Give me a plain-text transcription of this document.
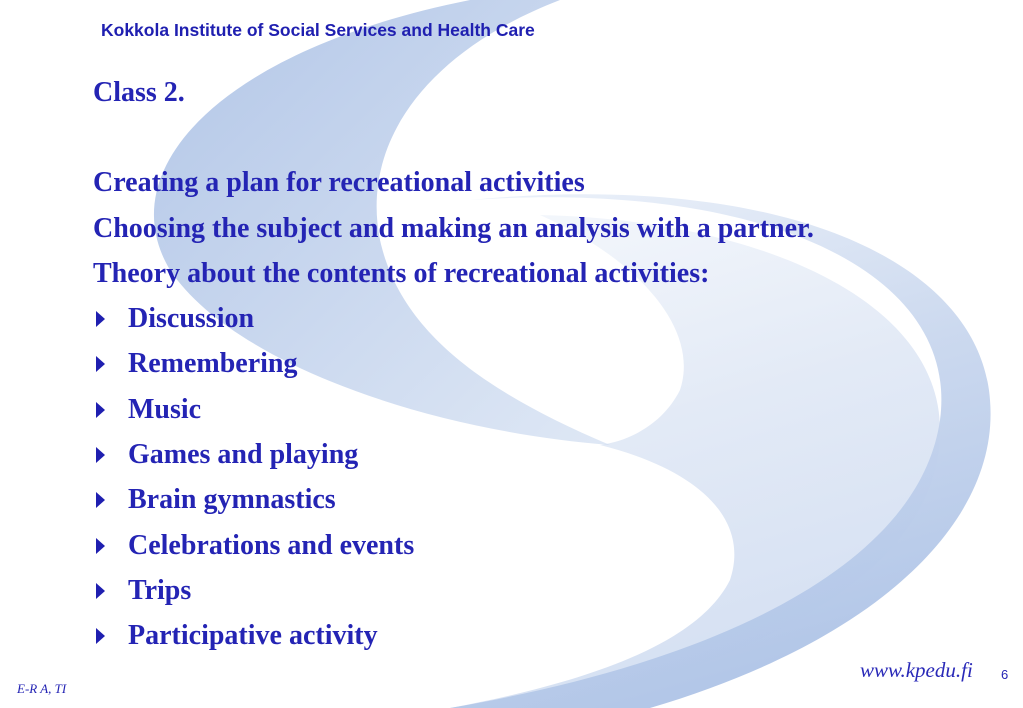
Kokkola Institute of Social Services and Health Care
Class 2.
Creating a plan for recreational activities
Choosing the subject and making an analysis with a partner.
Theory about the contents of recreational activities:
Discussion
Remembering
Music
Games and playing
Brain gymnastics
Celebrations and events
Trips
Participative activity
E-R A, TI
www.kpedu.fi 6
